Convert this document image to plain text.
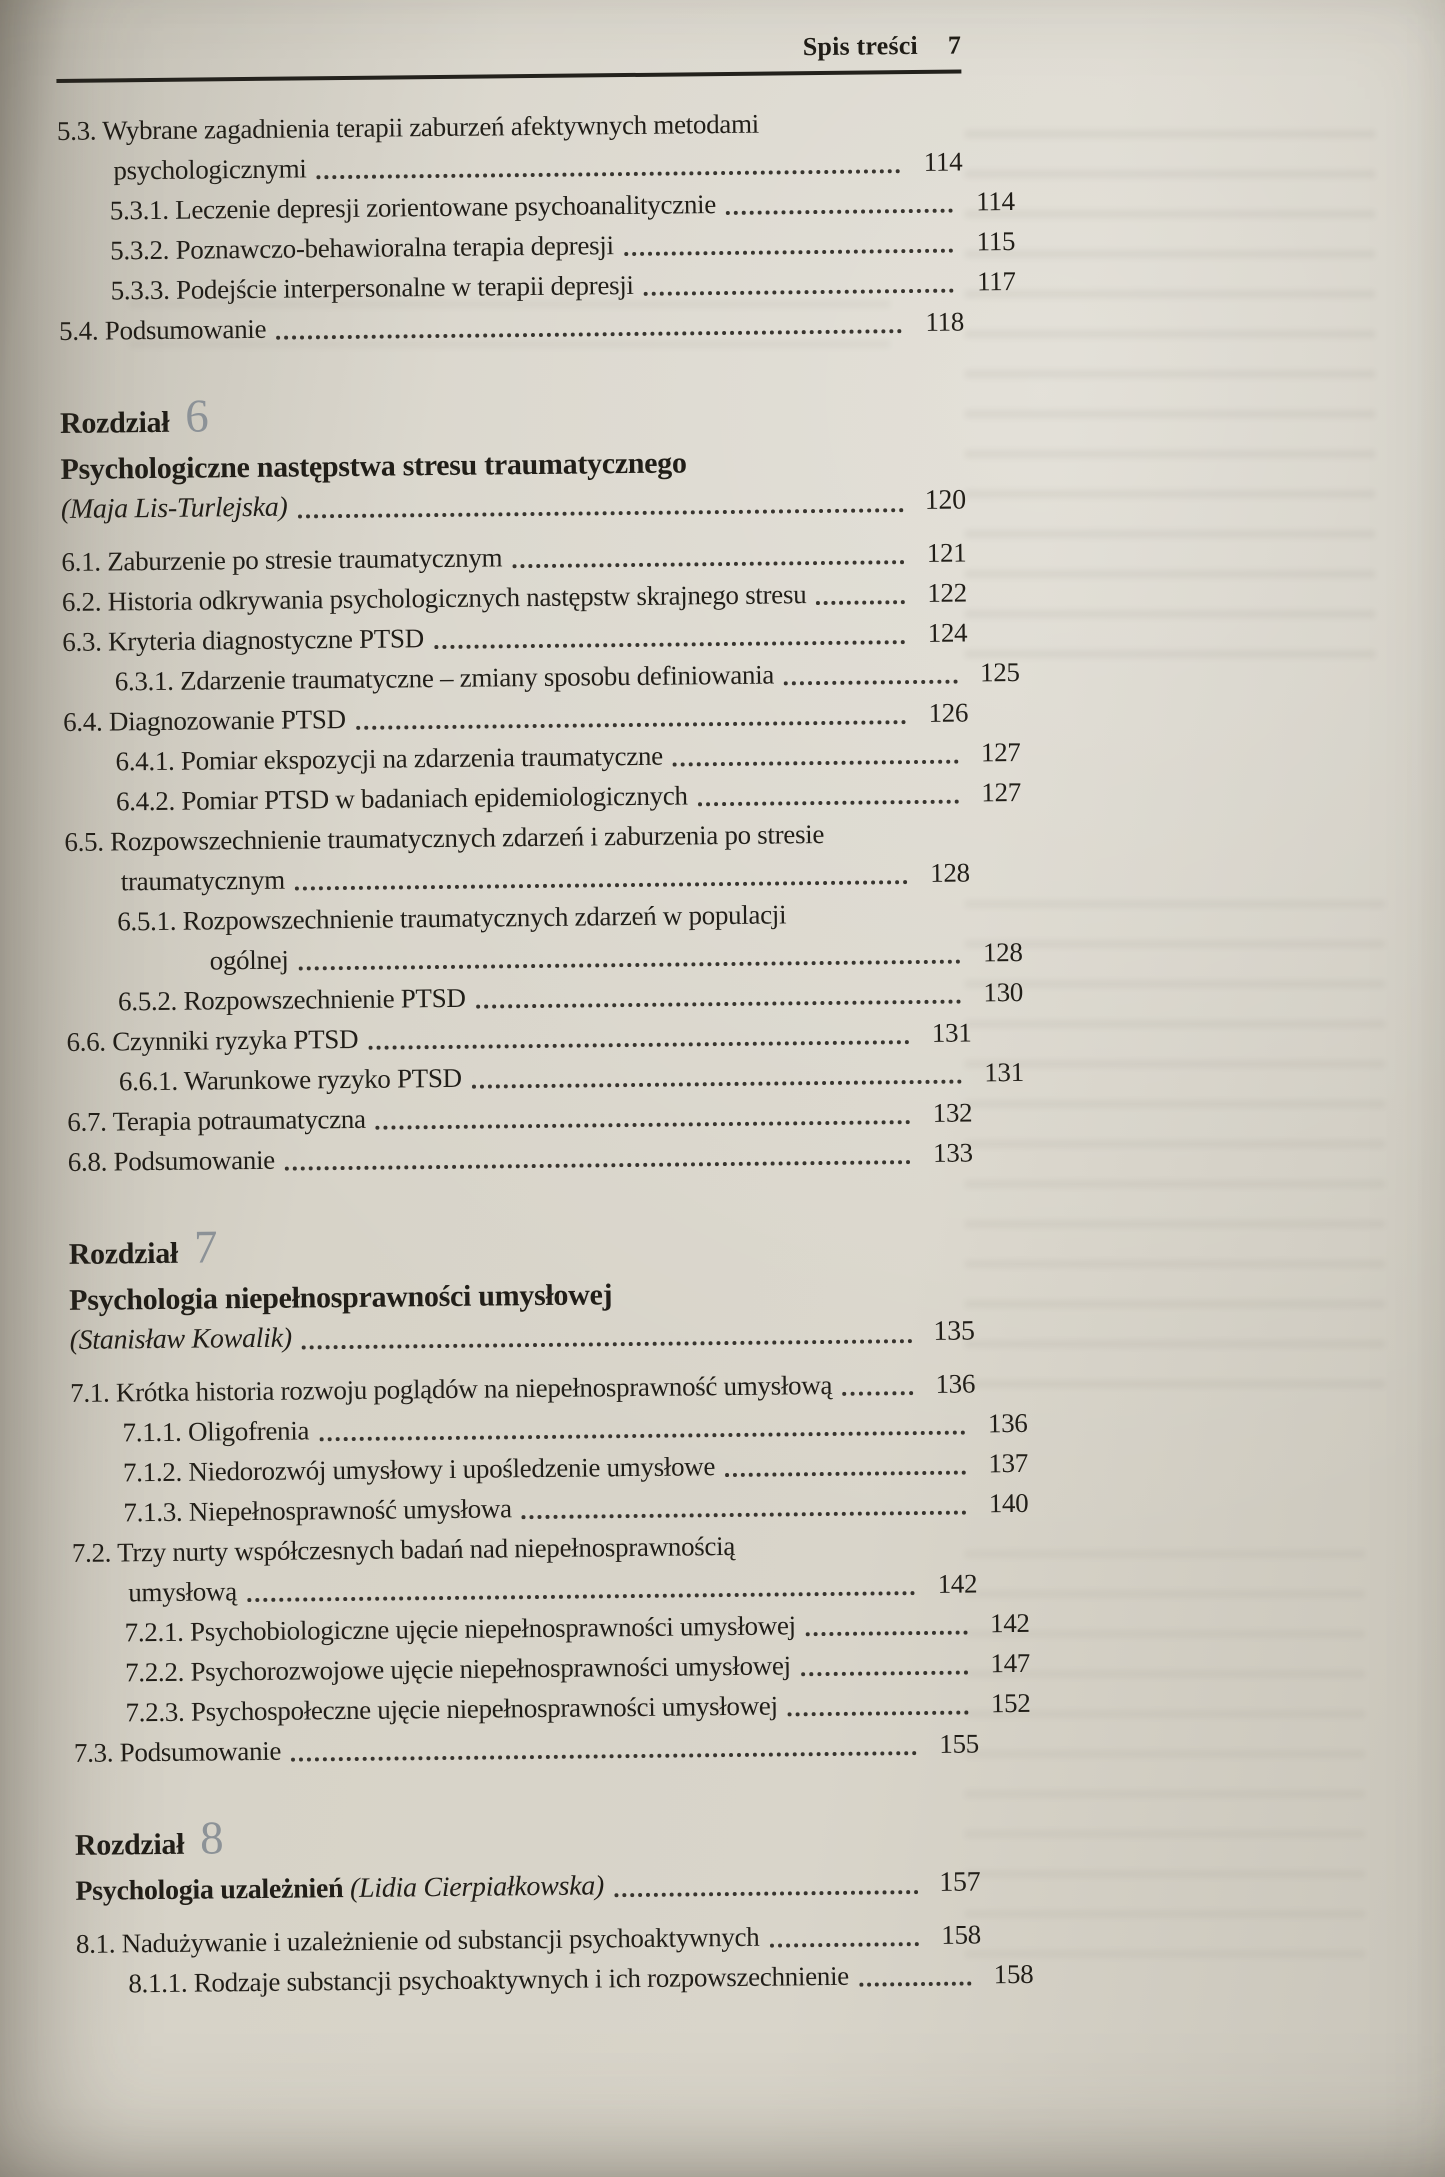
Spis treści 7
5.3. Wybrane zagadnienia terapii zaburzeń afektywnych metodami
psychologicznymi	114
5.3.1. Leczenie depresji zorientowane psychoanalitycznie	114
5.3.2. Poznawczo-behawioralna terapia depresji	115
5.3.3. Podejście interpersonalne w terapii depresji	117
5.4. Podsumowanie	118
Rozdział 6
Psychologiczne następstwa stresu traumatycznego
(Maja Lis-Turlejska)	120
6.1. Zaburzenie po stresie traumatycznym	121
6.2. Historia odkrywania psychologicznych następstw skrajnego stresu	122
6.3. Kryteria diagnostyczne PTSD	124
6.3.1. Zdarzenie traumatyczne – zmiany sposobu definiowania	125
6.4. Diagnozowanie PTSD	126
6.4.1. Pomiar ekspozycji na zdarzenia traumatyczne	127
6.4.2. Pomiar PTSD w badaniach epidemiologicznych	127
6.5. Rozpowszechnienie traumatycznych zdarzeń i zaburzenia po stresie
traumatycznym	128
6.5.1. Rozpowszechnienie traumatycznych zdarzeń w populacji
ogólnej	128
6.5.2. Rozpowszechnienie PTSD	130
6.6. Czynniki ryzyka PTSD	131
6.6.1. Warunkowe ryzyko PTSD	131
6.7. Terapia potraumatyczna	132
6.8. Podsumowanie	133
Rozdział 7
Psychologia niepełnosprawności umysłowej
(Stanisław Kowalik)	135
7.1. Krótka historia rozwoju poglądów na niepełnosprawność umysłową	136
7.1.1. Oligofrenia	136
7.1.2. Niedorozwój umysłowy i upośledzenie umysłowe	137
7.1.3. Niepełnosprawność umysłowa	140
7.2. Trzy nurty współczesnych badań nad niepełnosprawnością
umysłową	142
7.2.1. Psychobiologiczne ujęcie niepełnosprawności umysłowej	142
7.2.2. Psychorozwojowe ujęcie niepełnosprawności umysłowej	147
7.2.3. Psychospołeczne ujęcie niepełnosprawności umysłowej	152
7.3. Podsumowanie	155
Rozdział 8
Psychologia uzależnień (Lidia Cierpiałkowska)	157
8.1. Nadużywanie i uzależnienie od substancji psychoaktywnych	158
8.1.1. Rodzaje substancji psychoaktywnych i ich rozpowszechnienie	158
